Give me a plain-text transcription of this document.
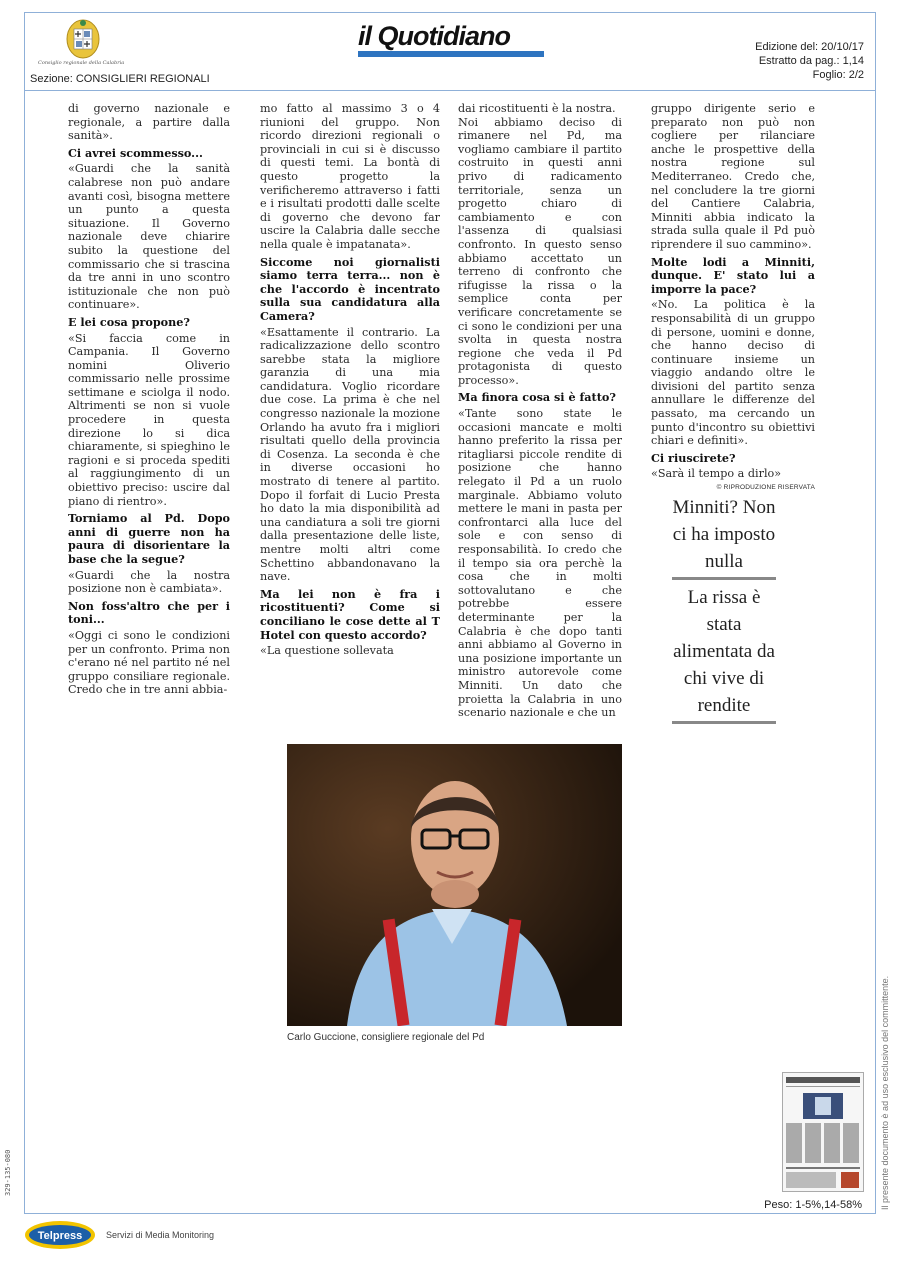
Consiglio regionale della Calabria
Sezione: CONSIGLIERI REGIONALI
il Quotidiano	Edizione del: 20/10/17
Estratto da pag.: 1,14
Foglio: 2/2

di governo nazionale e regionale, a partire dalla sanità».

Ci avrei scommesso...

«Guardi che la sanità calabrese non può andare avanti così, bisogna mettere un punto a questa situazione. Il Governo nazionale deve chiarire subito la questione del commissario che si trascina da tre anni in uno scontro istituzionale che non può continuare».

E lei cosa propone?

«Si faccia come in Campania. Il Governo nomini Oliverio commissario nelle prossime settimane e sciolga il nodo. Altrimenti se non si vuole procedere in questa direzione lo si dica chiaramente, si spieghino le ragioni e si proceda spediti al raggiungimento di un obiettivo preciso: uscire dal piano di rientro».

Torniamo al Pd. Dopo anni di guerre non ha paura di disorientare la base che la segue?

«Guardi che la nostra posizione non è cambiata».

Non foss'altro che per i toni...

«Oggi ci sono le condizioni per un confronto. Prima non c'erano né nel partito né nel gruppo consiliare regionale. Credo che in tre anni abbia-

mo fatto al massimo 3 o 4 riunioni del gruppo. Non ricordo direzioni regionali o provinciali in cui si è discusso di questi temi. La bontà di questo progetto la verificheremo attraverso i fatti e i risultati prodotti dalle scelte di governo che devono far uscire la Calabria dalle secche nella quale è impatanata».

Siccome noi giornalisti siamo terra terra... non è che l'accordo è incentrato sulla sua candidatura alla Camera?

«Esattamente il contrario. La radicalizzazione dello scontro sarebbe stata la migliore garanzia di una mia candidatura. Voglio ricordare due cose. La prima è che nel congresso nazionale la mozione Orlando ha avuto fra i migliori risultati quello della provincia di Cosenza. La seconda è che in diverse occasioni ho mostrato di tenere al partito. Dopo il forfait di Lucio Presta ho dato la mia disponibilità ad una candiatura a soli tre giorni dalla presentazione delle liste, mentre molti altri come Schettino abbandonavano la nave.

Ma lei non è fra i ricostituenti? Come si conciliano le cose dette al T Hotel con questo accordo?

«La questione sollevata

dai ricostituenti è la nostra.

Noi abbiamo deciso di rimanere nel Pd, ma vogliamo cambiare il partito costruito in questi anni privo di radicamento territoriale, senza un progetto chiaro di cambiamento e con l'assenza di qualsiasi confronto. In questo senso abbiamo accettato un terreno di confronto che rifugisse la rissa o la semplice conta per verificare concretamente se ci sono le condizioni per una svolta in questa nostra regione che veda il Pd protagonista di questo processo».

Ma finora cosa si è fatto?

«Tante sono state le occasioni mancate e molti hanno preferito la rissa per ritagliarsi piccole rendite di posizione che hanno relegato il Pd a un ruolo marginale. Abbiamo voluto mettere le mani in pasta per confrontarci alla luce del sole e con senso di responsabilità. Io credo che il tempo sia ora perchè la cosa che in molti sottovalutano e che potrebbe essere determinante per la Calabria è che dopo tanti anni abbiamo al Governo in una posizione importante un ministro autorevole come Minniti. Un dato che proietta la Calabria in uno scenario nazionale e che un

gruppo dirigente serio e preparato non può non cogliere per rilanciare anche le prospettive della nostra regione sul Mediterraneo. Credo che, nel concludere la tre giorni del Cantiere Calabria, Minniti abbia indicato la strada sulla quale il Pd può riprendere il suo cammino».

Molte lodi a Minniti, dunque. E' stato lui a imporre la pace?

«No. La politica è la responsabilità di un gruppo di persone, uomini e donne, che hanno deciso di continuare insieme un viaggio andando oltre le divisioni del partito senza annullare le differenze del passato, ma cercando un punto d'incontro su obiettivi chiari e definiti».

Ci riuscirete?

«Sarà il tempo a dirlo»

© RIPRODUZIONE RISERVATA
Minniti? Non ci ha imposto nulla
La rissa è stata alimentata da chi vive di rendite
Carlo Guccione, consigliere regionale del Pd	Il presente documento è ad uso esclusivo del committente.
329-135-080
Peso: 1-5%,14-58%
Telpress	Servizi di Media Monitoring
